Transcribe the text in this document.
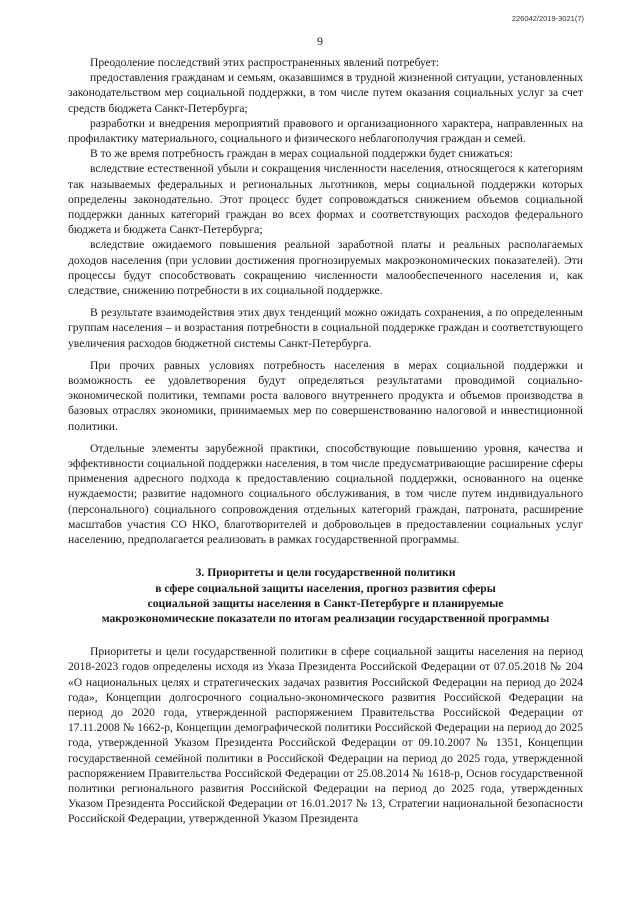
226042/2019-3021(7)
9

Преодоление последствий этих распространенных явлений потребует:

предоставления гражданам и семьям, оказавшимся в трудной жизненной ситуации, установленных законодательством мер социальной поддержки, в том числе путем оказания социальных услуг за счет средств бюджета Санкт-Петербурга;

разработки и внедрения мероприятий правового и организационного характера, направленных на профилактику материального, социального и физического неблагополучия граждан и семей.

В то же время потребность граждан в мерах социальной поддержки будет снижаться:

вследствие естественной убыли и сокращения численности населения, относящегося к категориям так называемых федеральных и региональных льготников, меры социальной поддержки которых определены законодательно. Этот процесс будет сопровождаться снижением объемов социальной поддержки данных категорий граждан во всех формах и соответствующих расходов федерального бюджета и бюджета Санкт-Петербурга;

вследствие ожидаемого повышения реальной заработной платы и реальных располагаемых доходов населения (при условии достижения прогнозируемых макроэкономических показателей). Эти процессы будут способствовать сокращению численности малообеспеченного населения и, как следствие, снижению потребности в их социальной поддержке.

В результате взаимодействия этих двух тенденций можно ожидать сохранения, а по определенным группам населения – и возрастания потребности в социальной поддержке граждан и соответствующего увеличения расходов бюджетной системы Санкт-Петербурга.

При прочих равных условиях потребность населения в мерах социальной поддержки и возможность ее удовлетворения будут определяться результатами проводимой социально-экономической политики, темпами роста валового внутреннего продукта и объемов производства в базовых отраслях экономики, принимаемых мер по совершенствованию налоговой и инвестиционной политики.

Отдельные элементы зарубежной практики, способствующие повышению уровня, качества и эффективности социальной поддержки населения, в том числе предусматривающие расширение сферы применения адресного подхода к предоставлению социальной поддержки, основанного на оценке нуждаемости; развитие надомного социального обслуживания, в том числе путем индивидуального (персонального) социального сопровождения отдельных категорий граждан, патроната, расширение масштабов участия СО НКО, благотворителей и добровольцев в предоставлении социальных услуг населению, предполагается реализовать в рамках государственной программы.

3. Приоритеты и цели государственной политики
в сфере социальной защиты населения, прогноз развития сферы
социальной защиты населения в Санкт-Петербурге и планируемые
макроэкономические показатели по итогам реализации государственной программы

Приоритеты и цели государственной политики в сфере социальной защиты населения на период 2018-2023 годов определены исходя из Указа Президента Российской Федерации от 07.05.2018 № 204 «О национальных целях и стратегических задачах развития Российской Федерации на период до 2024 года», Концепции долгосрочного социально-экономического развития Российской Федерации на период до 2020 года, утвержденной распоряжением Правительства Российской Федерации от 17.11.2008 № 1662-р, Концепции демографической политики Российской Федерации на период до 2025 года, утвержденной Указом Президента Российской Федерации от 09.10.2007 № 1351, Концепции государственной семейной политики в Российской Федерации на период до 2025 года, утвержденной распоряжением Правительства Российской Федерации от 25.08.2014 № 1618-р, Основ государственной политики регионального развития Российской Федерации на период до 2025 года, утвержденных Указом Президента Российской Федерации от 16.01.2017 № 13, Стратегии национальной безопасности Российской Федерации, утвержденной Указом Президента
